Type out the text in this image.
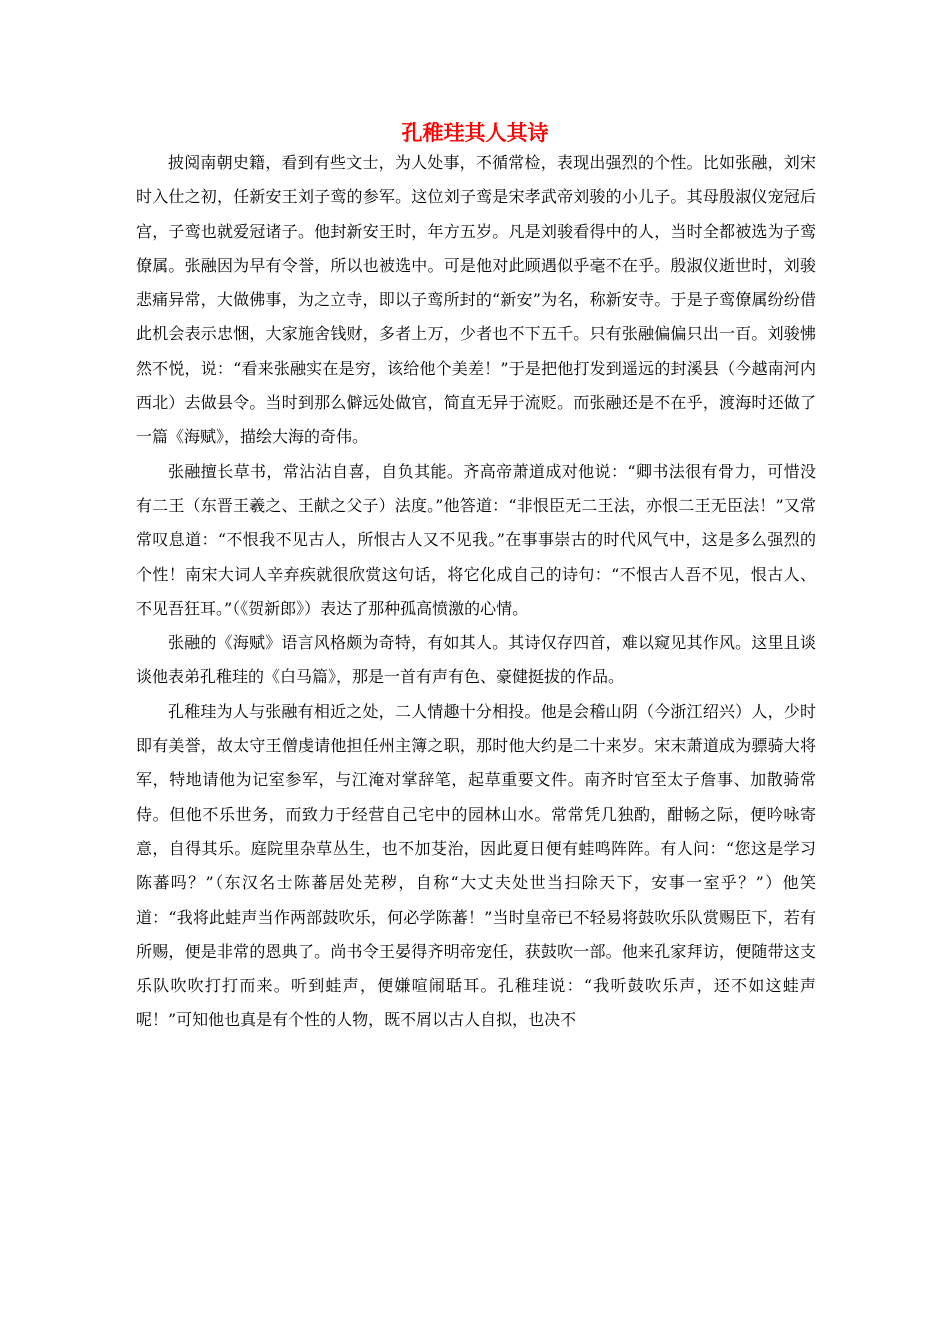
孔稚珪其人其诗

披阅南朝史籍，看到有些文士，为人处事，不循常检，表现出强烈的个性。比如张融，刘宋时入仕之初，任新安王刘子鸾的参军。这位刘子鸾是宋孝武帝刘骏的小儿子。其母殷淑仪宠冠后宫，子鸾也就爱冠诸子。他封新安王时，年方五岁。凡是刘骏看得中的人，当时全都被选为子鸾僚属。张融因为早有令誉，所以也被选中。可是他对此顾遇似乎毫不在乎。殷淑仪逝世时，刘骏悲痛异常，大做佛事，为之立寺，即以子鸾所封的“新安”为名，称新安寺。于是子鸾僚属纷纷借此机会表示忠悃，大家施舍钱财，多者上万，少者也不下五千。只有张融偏偏只出一百。刘骏怫然不悦，说：“看来张融实在是穷，该给他个美差！”于是把他打发到遥远的封溪县（今越南河内西北）去做县令。当时到那么僻远处做官，简直无异于流贬。而张融还是不在乎，渡海时还做了一篇《海赋》，描绘大海的奇伟。

张融擅长草书，常沾沾自喜，自负其能。齐高帝萧道成对他说：“卿书法很有骨力，可惜没有二王（东晋王羲之、王献之父子）法度。”他答道：“非恨臣无二王法，亦恨二王无臣法！”又常常叹息道：“不恨我不见古人，所恨古人又不见我。”在事事崇古的时代风气中，这是多么强烈的个性！南宋大词人辛弃疾就很欣赏这句话，将它化成自己的诗句：“不恨古人吾不见，恨古人、不见吾狂耳。”（《贺新郎》）表达了那种孤高愤激的心情。

张融的《海赋》语言风格颇为奇特，有如其人。其诗仅存四首，难以窥见其作风。这里且谈谈他表弟孔稚珪的《白马篇》，那是一首有声有色、豪健挺拔的作品。

孔稚珪为人与张融有相近之处，二人情趣十分相投。他是会稽山阴（今浙江绍兴）人，少时即有美誉，故太守王僧虔请他担任州主簿之职，那时他大约是二十来岁。宋末萧道成为骠骑大将军，特地请他为记室参军，与江淹对掌辞笔，起草重要文件。南齐时官至太子詹事、加散骑常侍。但他不乐世务，而致力于经营自己宅中的园林山水。常常凭几独酌，酣畅之际，便吟咏寄意，自得其乐。庭院里杂草丛生，也不加芟治，因此夏日便有蛙鸣阵阵。有人问：“您这是学习陈蕃吗？”（东汉名士陈蕃居处芜秽，自称“大丈夫处世当扫除天下，安事一室乎？”）他笑道：“我将此蛙声当作两部鼓吹乐，何必学陈蕃！”当时皇帝已不轻易将鼓吹乐队赏赐臣下，若有所赐，便是非常的恩典了。尚书令王晏得齐明帝宠任，获鼓吹一部。他来孔家拜访，便随带这支乐队吹吹打打而来。听到蛙声，便嫌喧闹聒耳。孔稚珪说：“我听鼓吹乐声，还不如这蛙声呢！”可知他也真是有个性的人物，既不屑以古人自拟，也决不
